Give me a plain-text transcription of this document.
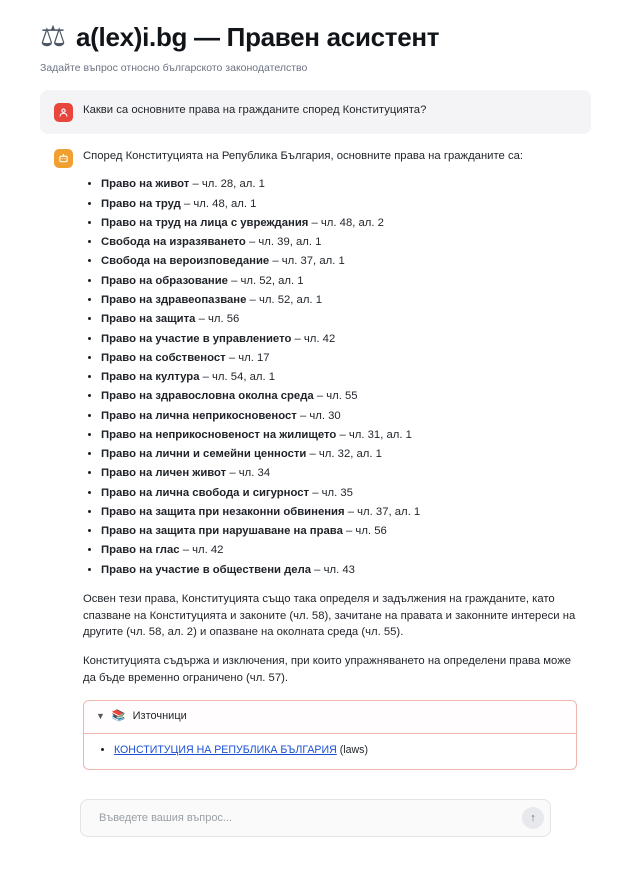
⚖ a(lex)i.bg — Правен асистент
Задайте въпрос относно българското законодателство
Какви са основните права на гражданите според Конституцията?

Според Конституцията на Република България, основните права на гражданите са:

• Право на живот – чл. 28, ал. 1
• Право на труд – чл. 48, ал. 1
• Право на труд на лица с увреждания – чл. 48, ал. 2
• Свобода на изразяването – чл. 39, ал. 1
• Свобода на вероизповедание – чл. 37, ал. 1
• Право на образование – чл. 52, ал. 1
• Право на здравеопазване – чл. 52, ал. 1
• Право на защита – чл. 56
• Право на участие в управлението – чл. 42
• Право на собственост – чл. 17
• Право на култура – чл. 54, ал. 1
• Право на здравословна околна среда – чл. 55
• Право на лична неприкосновеност – чл. 30
• Право на неприкосновеност на жилището – чл. 31, ал. 1
• Право на лични и семейни ценности – чл. 32, ал. 1
• Право на личен живот – чл. 34
• Право на лична свобода и сигурност – чл. 35
• Право на защита при незаконни обвинения – чл. 37, ал. 1
• Право на защита при нарушаване на права – чл. 56
• Право на глас – чл. 42
• Право на участие в обществени дела – чл. 43

Освен тези права, Конституцията също така определя и задължения на гражданите, като спазване на Конституцията и законите (чл. 58), зачитане на правата и законните интереси на другите (чл. 58, ал. 2) и опазване на околната среда (чл. 55).

Конституцията съдържа и изключения, при които упражняването на определени права може да бъде временно ограничено (чл. 57).

▼ 📚 Източници
• КОНСТИТУЦИЯ НА РЕПУБЛИКА БЪЛГАРИЯ (laws)
Въведете вашия въпрос...
↑
